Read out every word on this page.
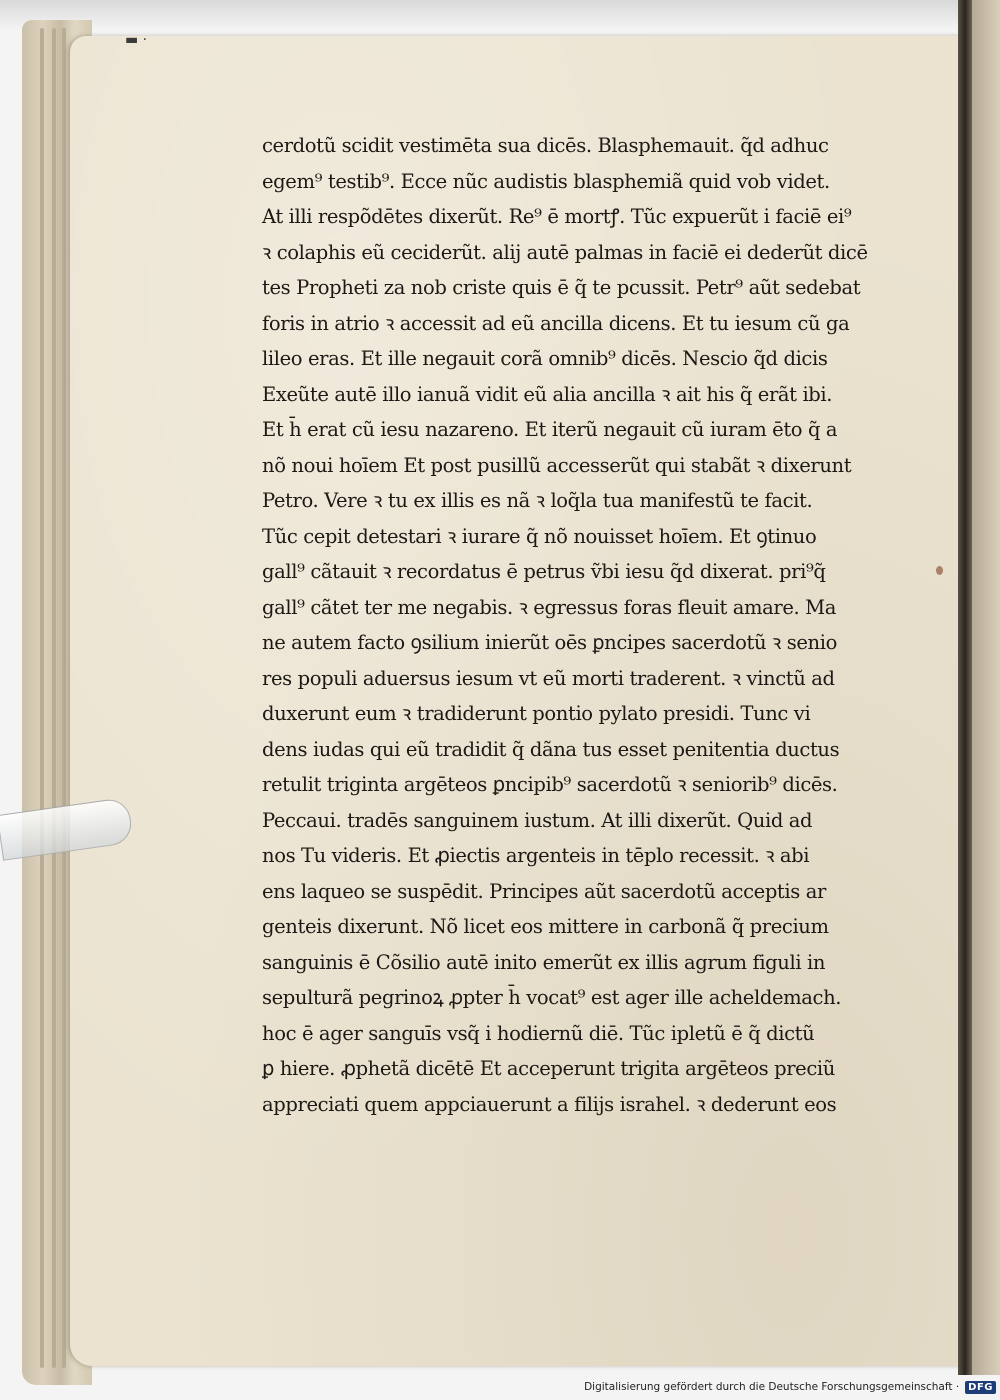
▬ ·
cerdotũ scidit vestimēta sua dicēs. Blasphemauit. q̃d adhuc
egem⁹ testib⁹. Ecce nũc audistis blasphemiã quid vob videt.
At illi respõdētes dixerũt. Re⁹ ē mortꝭ. Tũc expuerũt i faciē ei⁹
ꝛ colaphis eũ ceciderũt. alij autē palmas in faciē ei dederũt dicē
tes Propheti za nob criste quis ē q̃ te pcussit. Petr⁹ aũt sedebat
foris in atrio ꝛ accessit ad eũ ancilla dicens. Et tu iesum cũ ga
lileo eras. Et ille negauit corã omnib⁹ dicēs. Nescio q̃d dicis
Exeũte autē illo ianuã vidit eũ alia ancilla ꝛ ait his q̃ erãt ibi.
Et h̄ erat cũ iesu nazareno. Et iterũ negauit cũ iuram ēto q̃ a
nõ noui hoīem Et post pusillũ accesserũt qui stabãt ꝛ dixerunt
Petro. Vere ꝛ tu ex illis es nã ꝛ loq̃la tua manifestũ te facit.
Tũc cepit detestari ꝛ iurare q̃ nõ nouisset hoīem. Et ꝯtinuo
gall⁹ cãtauit ꝛ recordatus ē petrus ṽbi iesu q̃d dixerat. pri⁹q̃
gall⁹ cãtet ter me negabis. ꝛ egressus foras fleuit amare. Ma
ne autem facto ꝯsilium inierũt oēs ꝑncipes sacerdotũ ꝛ senio
res populi aduersus iesum vt eũ morti traderent. ꝛ vinctũ ad
duxerunt eum ꝛ tradiderunt pontio pylato presidi. Tunc vi
dens iudas qui eũ tradidit q̃ dãna tus esset penitentia ductus
retulit triginta argēteos ꝑncipib⁹ sacerdotũ ꝛ seniorib⁹ dicēs.
Peccaui. tradēs sanguinem iustum. At illi dixerũt. Quid ad
nos Tu videris. Et ꝓiectis argenteis in tēplo recessit. ꝛ abi
ens laqueo se suspēdit. Principes aũt sacerdotũ acceptis ar
genteis dixerunt. Nõ licet eos mittere in carbonã q̃ precium
sanguinis ē Cõsilio autē inito emerũt ex illis agrum figuli in
sepulturã pegrinoꝝ ꝓpter h̄ vocat⁹ est ager ille acheldemach.
hoc ē ager sanguīs vsq̃ i hodiernũ diē. Tũc ipletũ ē q̃ dictũ
ꝑ hiere. ꝓphetã dicētē Et acceperunt trigita argēteos preciũ
appreciati quem appciauerunt a filijs israhel. ꝛ dederunt eos
Digitalisierung gefördert durch die Deutsche Forschungsgemeinschaft · DFG
